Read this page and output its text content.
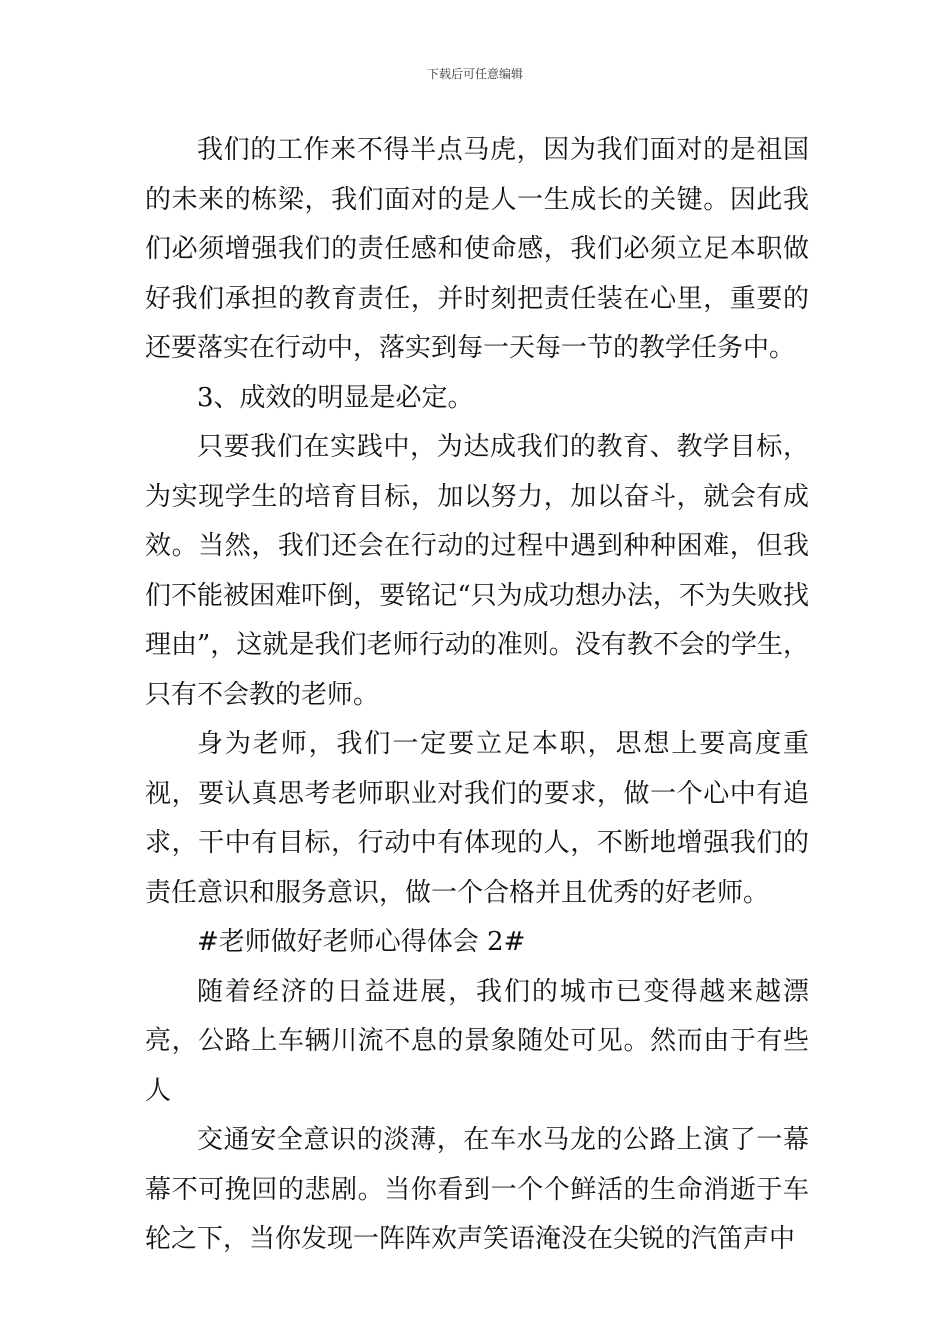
下载后可任意编辑

我们的工作来不得半点马虎，因为我们面对的是祖国的未来的栋梁，我们面对的是人一生成长的关键。因此我们必须增强我们的责任感和使命感，我们必须立足本职做好我们承担的教育责任，并时刻把责任装在心里，重要的还要落实在行动中，落实到每一天每一节的教学任务中。

3、成效的明显是必定。

只要我们在实践中，为达成我们的教育、教学目标，为实现学生的培育目标，加以努力，加以奋斗，就会有成效。当然，我们还会在行动的过程中遇到种种困难，但我们不能被困难吓倒，要铭记“只为成功想办法，不为失败找理由”，这就是我们老师行动的准则。没有教不会的学生，只有不会教的老师。

身为老师，我们一定要立足本职，思想上要高度重视，要认真思考老师职业对我们的要求，做一个心中有追求，干中有目标，行动中有体现的人，不断地增强我们的责任意识和服务意识，做一个合格并且优秀的好老师。

#老师做好老师心得体会 2#

随着经济的日益进展，我们的城市已变得越来越漂亮，公路上车辆川流不息的景象随处可见。然而由于有些人

交通安全意识的淡薄，在车水马龙的公路上演了一幕幕不可挽回的悲剧。当你看到一个个鲜活的生命消逝于车轮之下，当你发现一阵阵欢声笑语淹没在尖锐的汽笛声中
